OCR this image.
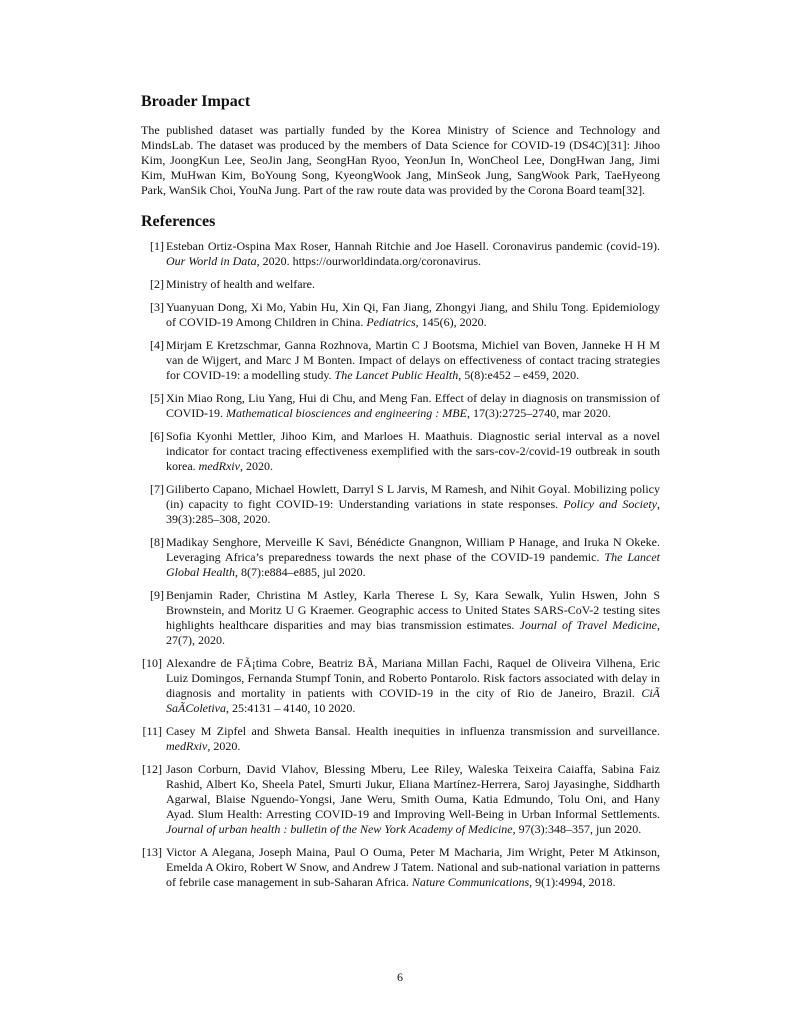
Broader Impact

The published dataset was partially funded by the Korea Ministry of Science and Technology and MindsLab. The dataset was produced by the members of Data Science for COVID-19 (DS4C)[31]: Jihoo Kim, JoongKun Lee, SeoJin Jang, SeongHan Ryoo, YeonJun In, WonCheol Lee, DongHwan Jang, Jimi Kim, MuHwan Kim, BoYoung Song, KyeongWook Jang, MinSeok Jung, SangWook Park, TaeHyeong Park, WanSik Choi, YouNa Jung. Part of the raw route data was provided by the Corona Board team[32].

References
[1] Esteban Ortiz-Ospina Max Roser, Hannah Ritchie and Joe Hasell. Coronavirus pandemic (covid-19). Our World in Data, 2020. https://ourworldindata.org/coronavirus.
[2] Ministry of health and welfare.
[3] Yuanyuan Dong, Xi Mo, Yabin Hu, Xin Qi, Fan Jiang, Zhongyi Jiang, and Shilu Tong. Epidemiology of COVID-19 Among Children in China. Pediatrics, 145(6), 2020.
[4] Mirjam E Kretzschmar, Ganna Rozhnova, Martin C J Bootsma, Michiel van Boven, Janneke H H M van de Wijgert, and Marc J M Bonten. Impact of delays on effectiveness of contact tracing strategies for COVID-19: a modelling study. The Lancet Public Health, 5(8):e452 – e459, 2020.
[5] Xin Miao Rong, Liu Yang, Hui di Chu, and Meng Fan. Effect of delay in diagnosis on transmission of COVID-19. Mathematical biosciences and engineering : MBE, 17(3):2725–2740, mar 2020.
[6] Sofia Kyonhi Mettler, Jihoo Kim, and Marloes H. Maathuis. Diagnostic serial interval as a novel indicator for contact tracing effectiveness exemplified with the sars-cov-2/covid-19 outbreak in south korea. medRxiv, 2020.
[7] Giliberto Capano, Michael Howlett, Darryl S L Jarvis, M Ramesh, and Nihit Goyal. Mobilizing policy (in) capacity to fight COVID-19: Understanding variations in state responses. Policy and Society, 39(3):285–308, 2020.
[8] Madikay Senghore, Merveille K Savi, Bénédicte Gnangnon, William P Hanage, and Iruka N Okeke. Leveraging Africa’s preparedness towards the next phase of the COVID-19 pandemic. The Lancet Global Health, 8(7):e884–e885, jul 2020.
[9] Benjamin Rader, Christina M Astley, Karla Therese L Sy, Kara Sewalk, Yulin Hswen, John S Brownstein, and Moritz U G Kraemer. Geographic access to United States SARS-CoV-2 testing sites highlights healthcare disparities and may bias transmission estimates. Journal of Travel Medicine, 27(7), 2020.
[10] Alexandre de FÃ¡tima Cobre, Beatriz BÃ, Mariana Millan Fachi, Raquel de Oliveira Vilhena, Eric Luiz Domingos, Fernanda Stumpf Tonin, and Roberto Pontarolo. Risk factors associated with delay in diagnosis and mortality in patients with COVID-19 in the city of Rio de Janeiro, Brazil. CiÃ SaÃColetiva, 25:4131 – 4140, 10 2020.
[11] Casey M Zipfel and Shweta Bansal. Health inequities in influenza transmission and surveillance. medRxiv, 2020.
[12] Jason Corburn, David Vlahov, Blessing Mberu, Lee Riley, Waleska Teixeira Caiaffa, Sabina Faiz Rashid, Albert Ko, Sheela Patel, Smurti Jukur, Eliana Martínez-Herrera, Saroj Jayasinghe, Siddharth Agarwal, Blaise Nguendo-Yongsi, Jane Weru, Smith Ouma, Katia Edmundo, Tolu Oni, and Hany Ayad. Slum Health: Arresting COVID-19 and Improving Well-Being in Urban Informal Settlements. Journal of urban health : bulletin of the New York Academy of Medicine, 97(3):348–357, jun 2020.
[13] Victor A Alegana, Joseph Maina, Paul O Ouma, Peter M Macharia, Jim Wright, Peter M Atkinson, Emelda A Okiro, Robert W Snow, and Andrew J Tatem. National and sub-national variation in patterns of febrile case management in sub-Saharan Africa. Nature Communications, 9(1):4994, 2018.
6
